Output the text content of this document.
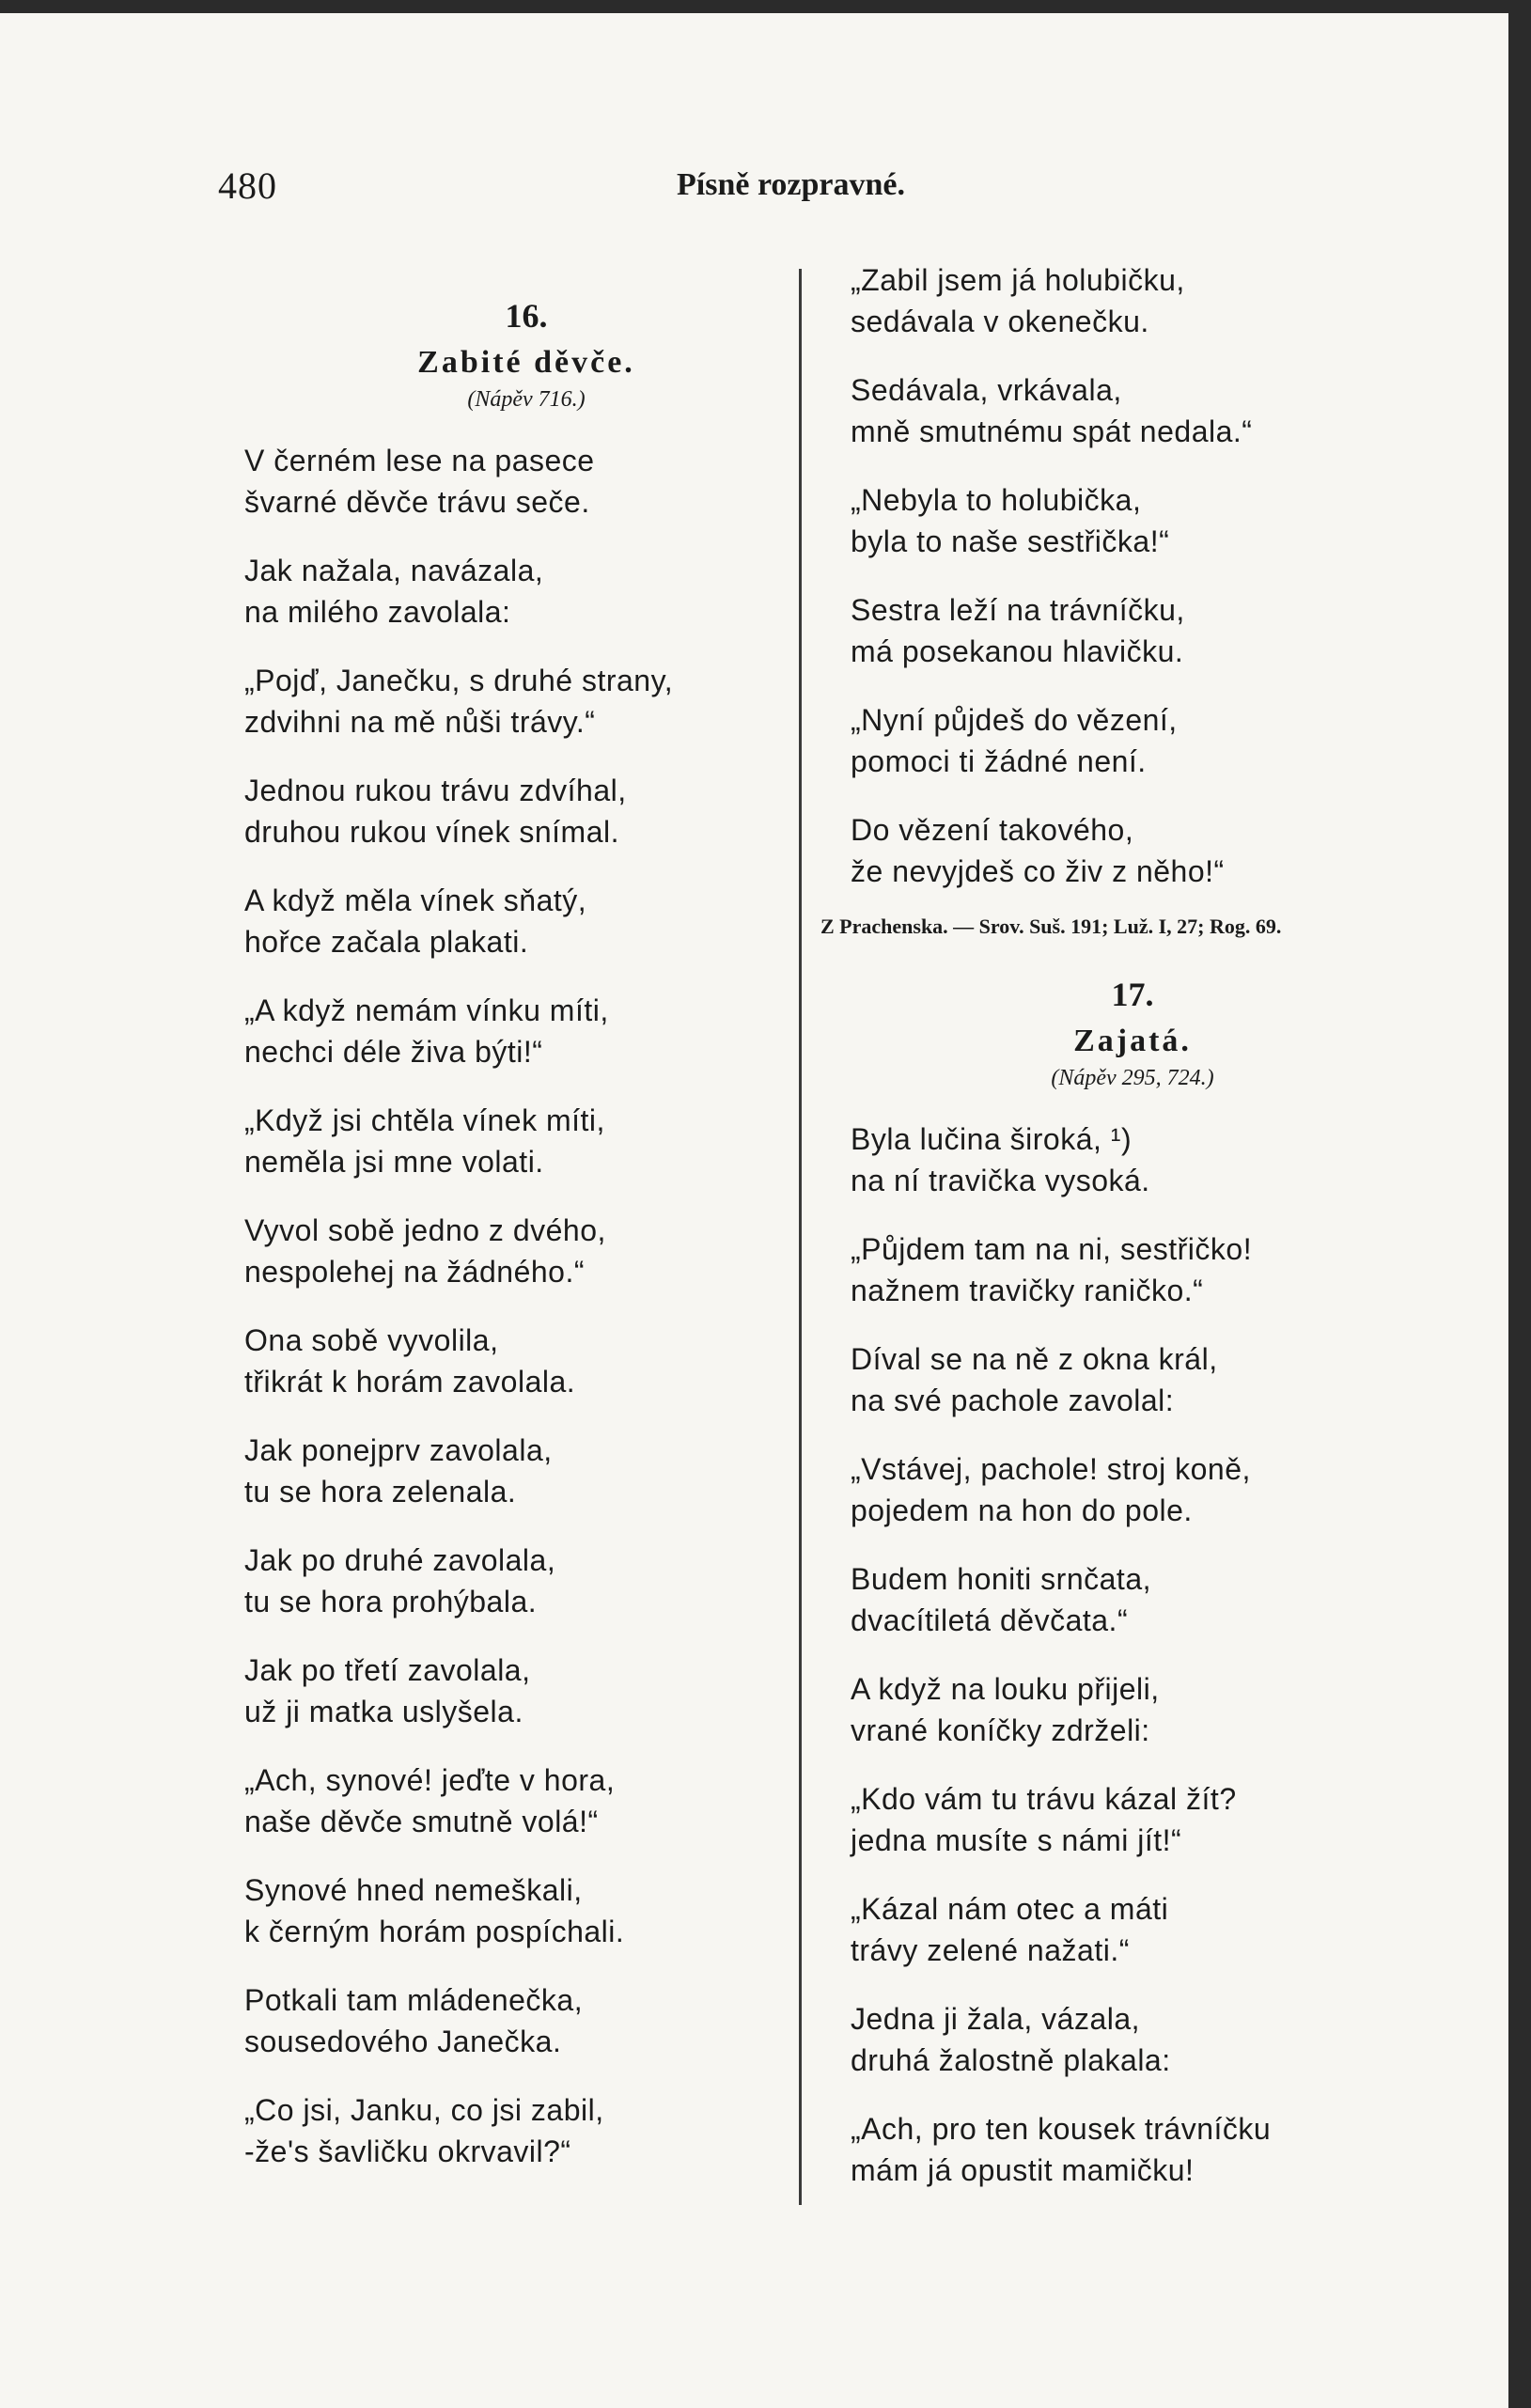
480	Písně rozpravné.

16.

Zabité děvče.

(Nápěv 716.)

V černém lese na pasece
švarné děvče trávu seče.
Jak nažala, navázala,
na milého zavolala:
„Pojď, Janečku, s druhé strany,
zdvihni na mě nůši trávy.“
Jednou rukou trávu zdvíhal,
druhou rukou vínek snímal.
A když měla vínek sňatý,
hořce začala plakati.
„A když nemám vínku míti,
nechci déle živa býti!“
„Když jsi chtěla vínek míti,
neměla jsi mne volati.
Vyvol sobě jedno z dvého,
nespolehej na žádného.“
Ona sobě vyvolila,
třikrát k horám zavolala.
Jak ponejprv zavolala,
tu se hora zelenala.
Jak po druhé zavolala,
tu se hora prohýbala.
Jak po třetí zavolala,
už ji matka uslyšela.
„Ach, synové! jeďte v hora,
naše děvče smutně volá!“
Synové hned nemeškali,
k černým horám pospíchali.
Potkali tam mládenečka,
sousedového Janečka.
„Co jsi, Janku, co jsi zabil,
-že's šavličku okrvavil?“
„Zabil jsem já holubičku,
sedávala v okenečku.
Sedávala, vrkávala,
mně smutnému spát nedala.“
„Nebyla to holubička,
byla to naše sestřička!“
Sestra leží na trávníčku,
má posekanou hlavičku.
„Nyní půjdeš do vězení,
pomoci ti žádné není.
Do vězení takového,
že nevyjdeš co živ z něho!“
Z Prachenska. — Srov. Suš. 191; Luž. I, 27; Rog. 69.

17.

Zajatá.

(Nápěv 295, 724.)

Byla lučina široká, ¹)
na ní travička vysoká.
„Půjdem tam na ni, sestřičko!
nažnem travičky raničko.“
Díval se na ně z okna král,
na své pachole zavolal:
„Vstávej, pachole! stroj koně,
pojedem na hon do pole.
Budem honiti srnčata,
dvacítiletá děvčata.“
A když na louku přijeli,
vrané koníčky zdrželi:
„Kdo vám tu trávu kázal žít?
jedna musíte s námi jít!“
„Kázal nám otec a máti
trávy zelené nažati.“
Jedna ji žala, vázala,
druhá žalostně plakala:
„Ach, pro ten kousek trávníčku
mám já opustit mamičku!
